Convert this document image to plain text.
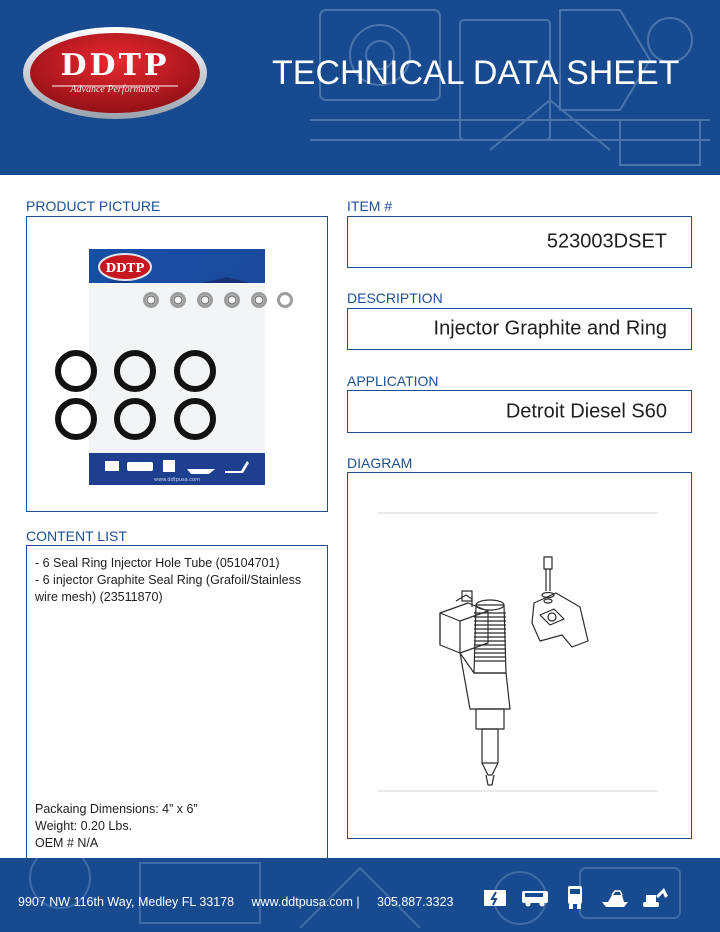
DDTP
Advance Performance	TECHNICAL DATA SHEET
PRODUCT PICTURE
DDTP
www.ddtpusa.com
ITEM #
523003DSET
DESCRIPTION
Injector Graphite and Ring
APPLICATION
Detroit Diesel S60
DIAGRAM
CONTENT LIST
- 6 Seal Ring Injector Hole Tube (05104701)
- 6 injector Graphite Seal Ring (Grafoil/Stainless
wire mesh) (23511870)
Packaing Dimensions: 4” x 6”
Weight: 0.20 Lbs.
OEM # N/A
9907 NW 116th Way, Medley FL 33178 www.ddtpusa.com | 305.887.3323
